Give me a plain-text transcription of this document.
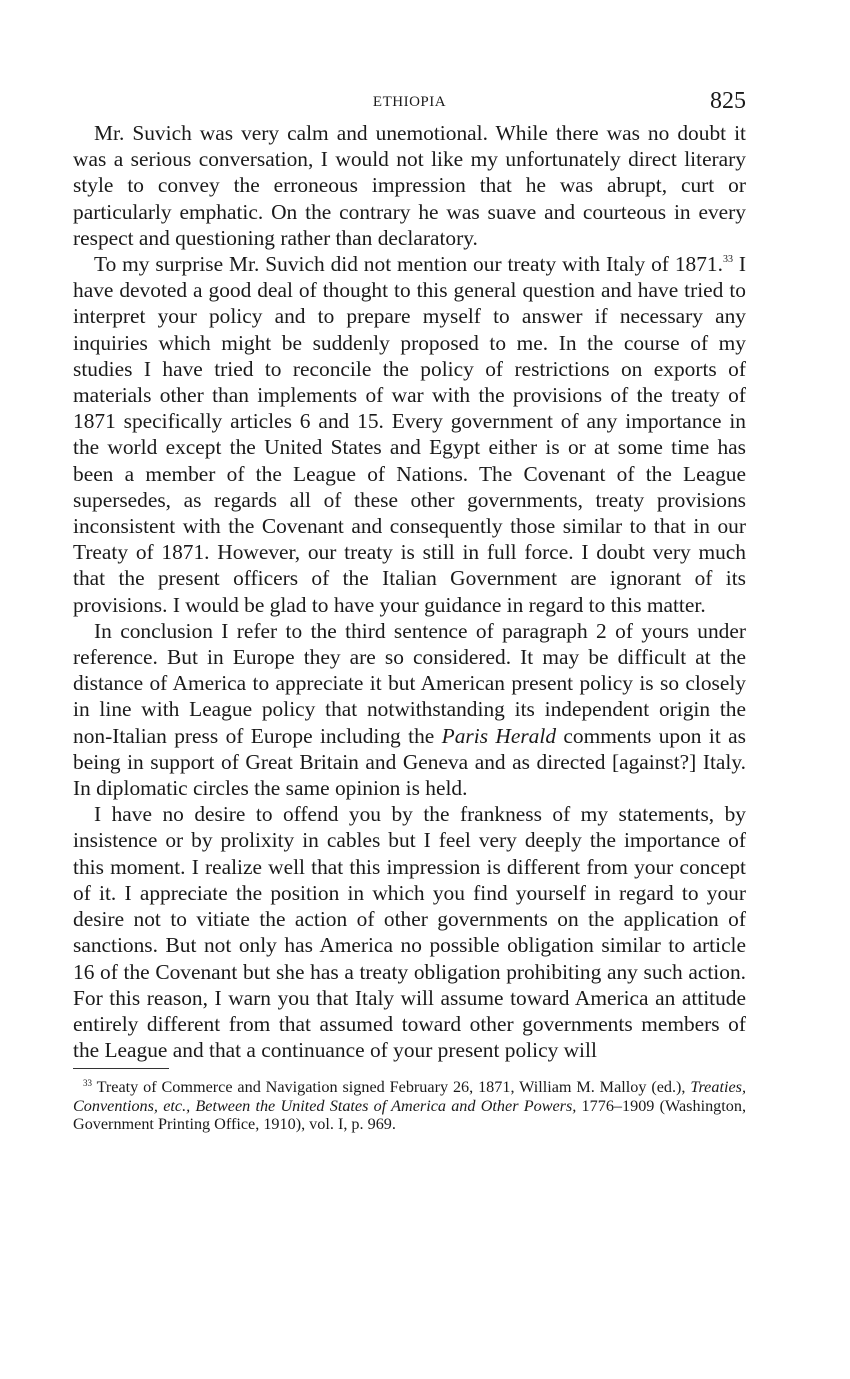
ETHIOPIA	825

Mr. Suvich was very calm and unemotional. While there was no doubt it was a serious conversation, I would not like my unfortunately direct literary style to convey the erroneous impression that he was abrupt, curt or particularly emphatic. On the contrary he was suave and courteous in every respect and questioning rather than declaratory.

To my surprise Mr. Suvich did not mention our treaty with Italy of 1871.33 I have devoted a good deal of thought to this general question and have tried to interpret your policy and to prepare myself to answer if necessary any inquiries which might be suddenly proposed to me. In the course of my studies I have tried to reconcile the policy of restrictions on exports of materials other than implements of war with the provisions of the treaty of 1871 specifically articles 6 and 15. Every government of any importance in the world except the United States and Egypt either is or at some time has been a member of the League of Nations. The Covenant of the League supersedes, as regards all of these other governments, treaty provisions inconsistent with the Covenant and consequently those similar to that in our Treaty of 1871. However, our treaty is still in full force. I doubt very much that the present officers of the Italian Government are ignorant of its provisions. I would be glad to have your guidance in regard to this matter.

In conclusion I refer to the third sentence of paragraph 2 of yours under reference. But in Europe they are so considered. It may be difficult at the distance of America to appreciate it but American present policy is so closely in line with League policy that notwithstanding its independent origin the non-Italian press of Europe including the Paris Herald comments upon it as being in support of Great Britain and Geneva and as directed [against?] Italy. In diplomatic circles the same opinion is held.

I have no desire to offend you by the frankness of my statements, by insistence or by prolixity in cables but I feel very deeply the importance of this moment. I realize well that this impression is different from your concept of it. I appreciate the position in which you find yourself in regard to your desire not to vitiate the action of other governments on the application of sanctions. But not only has America no possible obligation similar to article 16 of the Covenant but she has a treaty obligation prohibiting any such action. For this reason, I warn you that Italy will assume toward America an attitude entirely different from that assumed toward other governments members of the League and that a continuance of your present policy will

$^{33}$ Treaty of Commerce and Navigation signed February 26, 1871, William M. Malloy (ed.), Treaties, Conventions, etc., Between the United States of America and Other Powers, 1776–1909 (Washington, Government Printing Office, 1910), vol. I, p. 969.
